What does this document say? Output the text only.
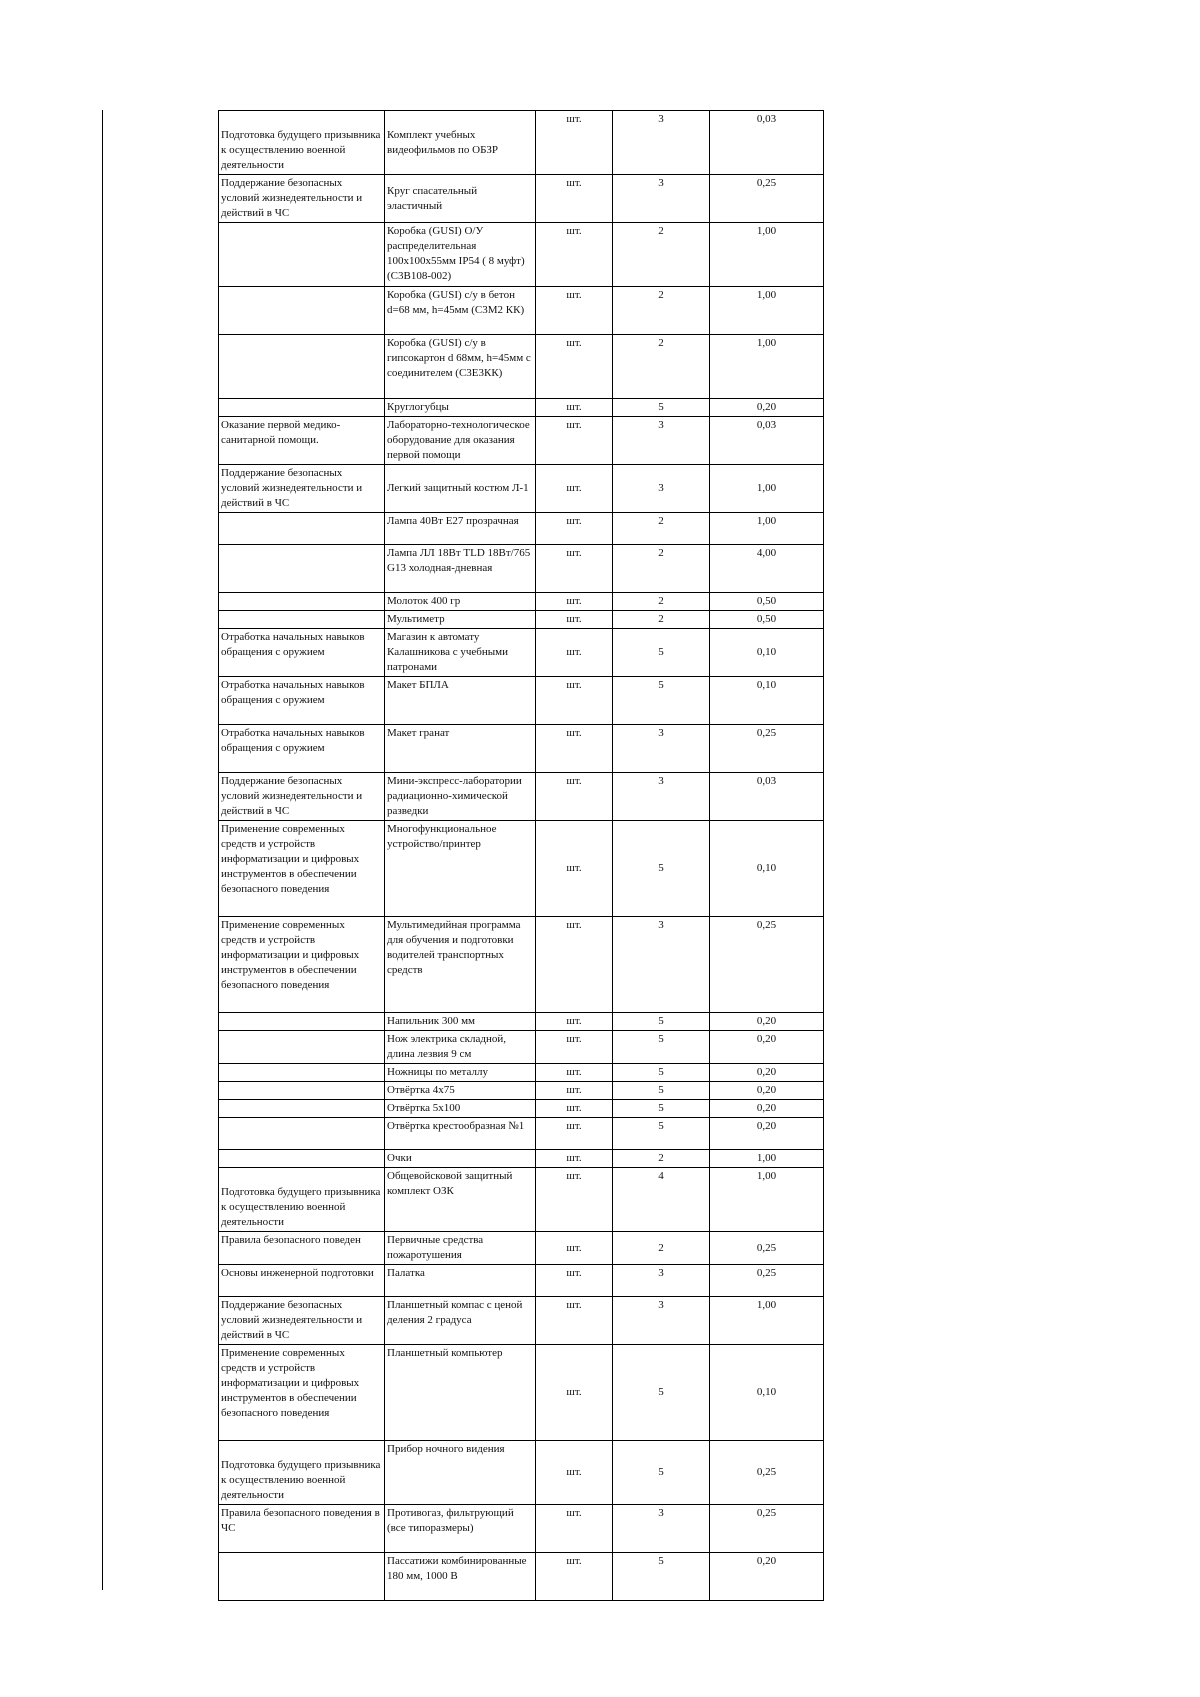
Подготовка будущего призывника к осуществлению военной деятельности	Комплект учебных видеофильмов по ОБЗР	шт.	3	0,03
Поддержание безопасных условий жизнедеятельности и действий в ЧС	Круг спасательный эластичный	шт.	3	0,25
	Коробка (GUSI) О/У распределительная 100x100x55мм IP54 ( 8 муфт) (С3В108-002)	шт.	2	1,00
	Коробка (GUSI) с/у в бетон d=68 мм, h=45мм (С3М2 КК)	шт.	2	1,00
	Коробка (GUSI) с/у в гипсокартон d 68мм, h=45мм с соединителем (С3Е3КК)	шт.	2	1,00
	Круглогубцы	шт.	5	0,20
Оказание первой медико-санитарной помощи.	Лабораторно-технологическое оборудование для оказания первой помощи	шт.	3	0,03
Поддержание безопасных условий жизнедеятельности и действий в ЧС	Легкий защитный костюм Л-1	шт.	3	1,00
	Лампа 40Вт Е27 прозрачная	шт.	2	1,00
	Лампа ЛЛ 18Вт TLD 18Вт/765 G13 холодная-дневная	шт.	2	4,00
	Молоток 400 гр	шт.	2	0,50
	Мультиметр	шт.	2	0,50
Отработка начальных навыков обращения с оружием	Магазин к автомату Калашникова с учебными патронами	шт.	5	0,10
Отработка начальных навыков обращения с оружием	Макет БПЛА	шт.	5	0,10
Отработка начальных навыков обращения с оружием	Макет гранат	шт.	3	0,25
Поддержание безопасных условий жизнедеятельности и действий в ЧС	Мини-экспресс-лаборатории радиационно-химической разведки	шт.	3	0,03
Применение современных средств и устройств информатизации и цифровых инструментов в обеспечении безопасного поведения	Многофункциональное устройство/принтер	шт.	5	0,10
Применение современных средств и устройств информатизации и цифровых инструментов в обеспечении безопасного поведения	Мультимедийная программа для обучения и подготовки водителей транспортных средств	шт.	3	0,25
	Напильник 300 мм	шт.	5	0,20
	Нож электрика складной, длина лезвия 9 см	шт.	5	0,20
	Ножницы по металлу	шт.	5	0,20
	Отвёртка 4x75	шт.	5	0,20
	Отвёртка 5x100	шт.	5	0,20
	Отвёртка крестообразная №1	шт.	5	0,20
	Очки	шт.	2	1,00
Подготовка будущего призывника к осуществлению военной деятельности	Общевойсковой защитный комплект ОЗК	шт.	4	1,00
Правила безопасного поведен	Первичные средства пожаротушения	шт.	2	0,25
Основы инженерной подготовки	Палатка	шт.	3	0,25
Поддержание безопасных условий жизнедеятельности и действий в ЧС	Планшетный компас с ценой деления 2 градуса	шт.	3	1,00
Применение современных средств и устройств информатизации и цифровых инструментов в обеспечении безопасного поведения	Планшетный компьютер	шт.	5	0,10
Подготовка будущего призывника к осуществлению военной деятельности	Прибор ночного видения	шт.	5	0,25
Правила безопасного поведения в ЧС	Противогаз, фильтрующий (все типоразмеры)	шт.	3	0,25
	Пассатижи комбинированные 180 мм, 1000 В	шт.	5	0,20
